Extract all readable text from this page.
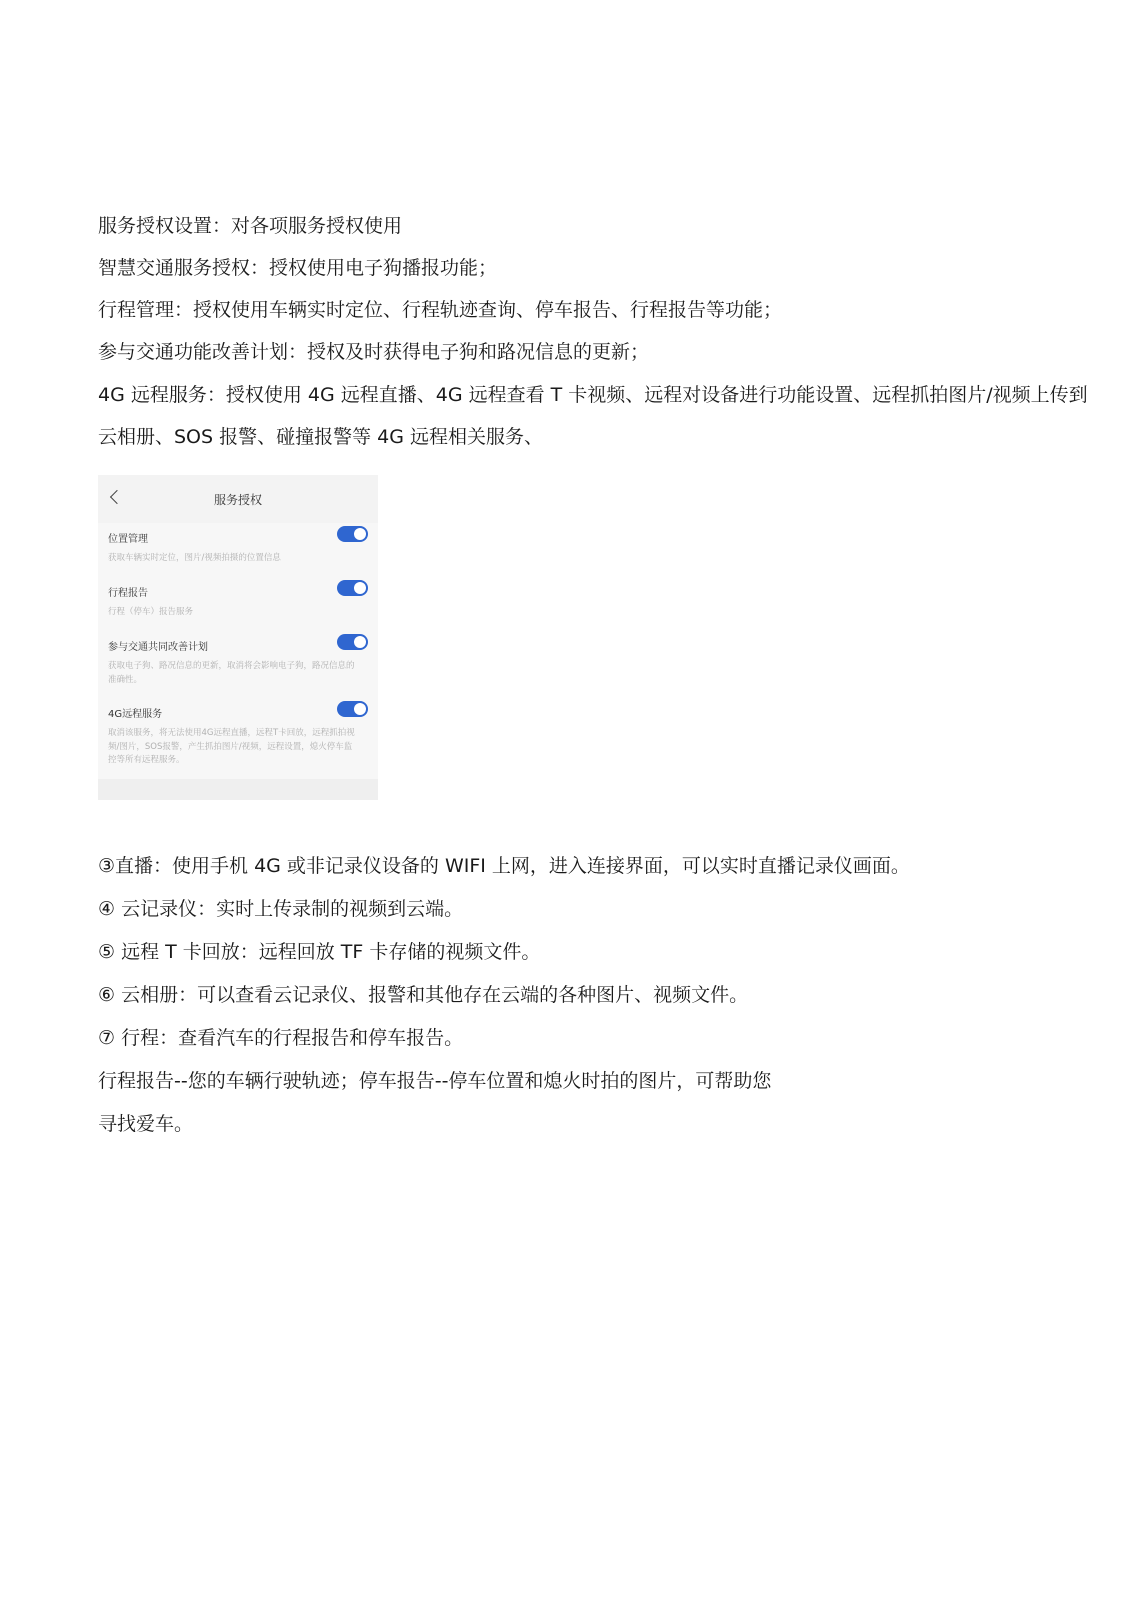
服务授权设置：对各项服务授权使用

智慧交通服务授权：授权使用电子狗播报功能；

行程管理：授权使用车辆实时定位、行程轨迹查询、停车报告、行程报告等功能；

参与交通功能改善计划：授权及时获得电子狗和路况信息的更新；

4G 远程服务：授权使用 4G 远程直播、4G 远程查看 T 卡视频、远程对设备进行功能设置、远程抓拍图片/视频上传到

云相册、SOS 报警、碰撞报警等 4G 远程相关服务、

服务授权
位置管理
获取车辆实时定位，图片/视频拍摄的位置信息
行程报告
行程（停车）报告服务
参与交通共同改善计划
获取电子狗、路况信息的更新，取消将会影响电子狗，路况信息的准确性。
4G远程服务
取消该服务，将无法使用4G远程直播，远程T卡回放，远程抓拍视频/图片，SOS报警，产生抓拍图片/视频，远程设置，熄火停车监控等所有远程服务。

③直播：使用手机 4G 或非记录仪设备的 WIFI 上网，进入连接界面，可以实时直播记录仪画面。

④ 云记录仪：实时上传录制的视频到云端。

⑤ 远程 T 卡回放：远程回放 TF 卡存储的视频文件。

⑥ 云相册：可以查看云记录仪、报警和其他存在云端的各种图片、视频文件。

⑦ 行程：查看汽车的行程报告和停车报告。

行程报告--您的车辆行驶轨迹；停车报告--停车位置和熄火时拍的图片，可帮助您

寻找爱车。
